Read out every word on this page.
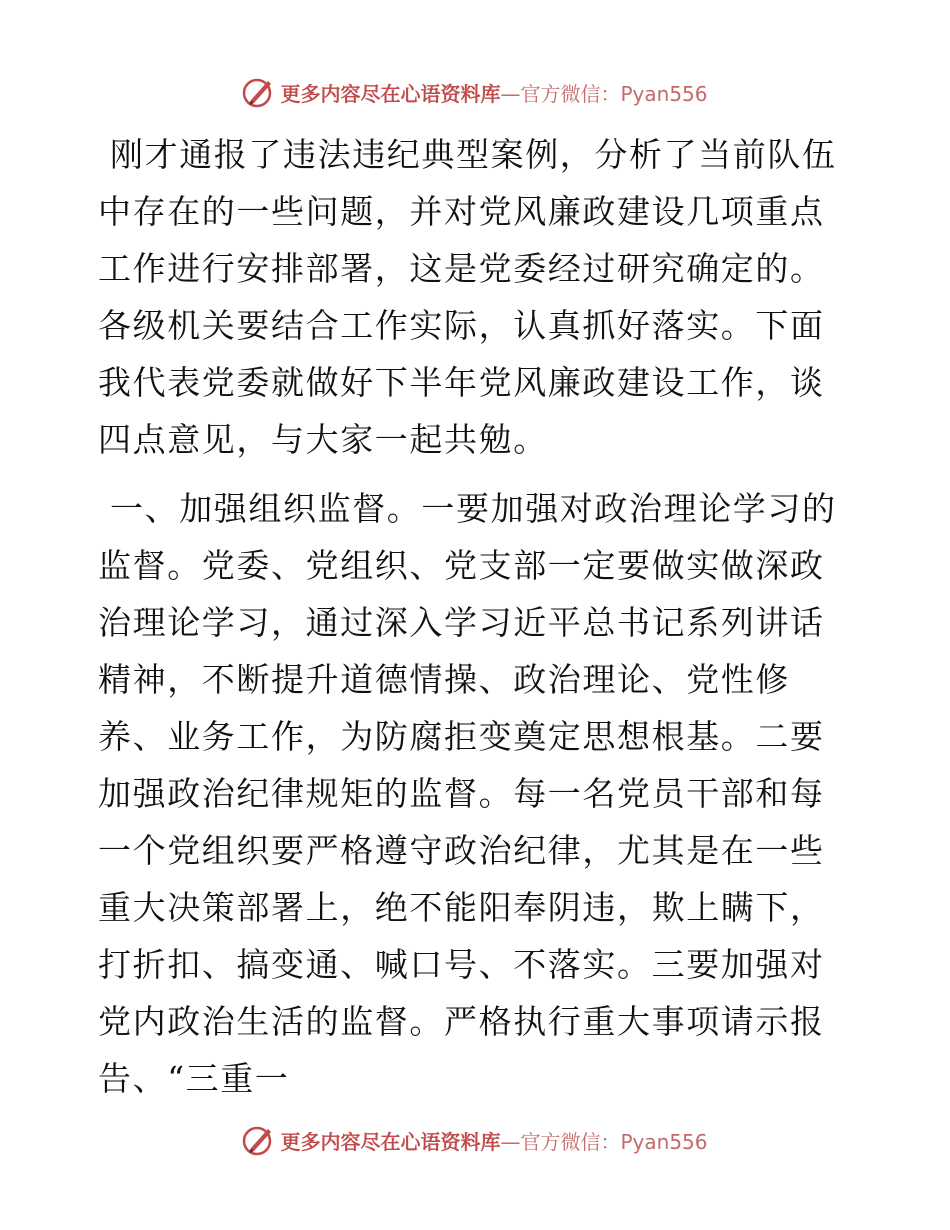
更多内容尽在心语资料库—官方微信：Pyan556

刚才通报了违法违纪典型案例，分析了当前队伍中存在的一些问题，并对党风廉政建设几项重点工作进行安排部署，这是党委经过研究确定的。各级机关要结合工作实际，认真抓好落实。下面我代表党委就做好下半年党风廉政建设工作，谈四点意见，与大家一起共勉。

一、加强组织监督。一要加强对政治理论学习的监督。党委、党组织、党支部一定要做实做深政治理论学习，通过深入学习近平总书记系列讲话精神，不断提升道德情操、政治理论、党性修养、业务工作，为防腐拒变奠定思想根基。二要加强政治纪律规矩的监督。每一名党员干部和每一个党组织要严格遵守政治纪律，尤其是在一些重大决策部署上，绝不能阳奉阴违，欺上瞒下，打折扣、搞变通、喊口号、不落实。三要加强对党内政治生活的监督。严格执行重大事项请示报告、“三重一

更多内容尽在心语资料库—官方微信：Pyan556
